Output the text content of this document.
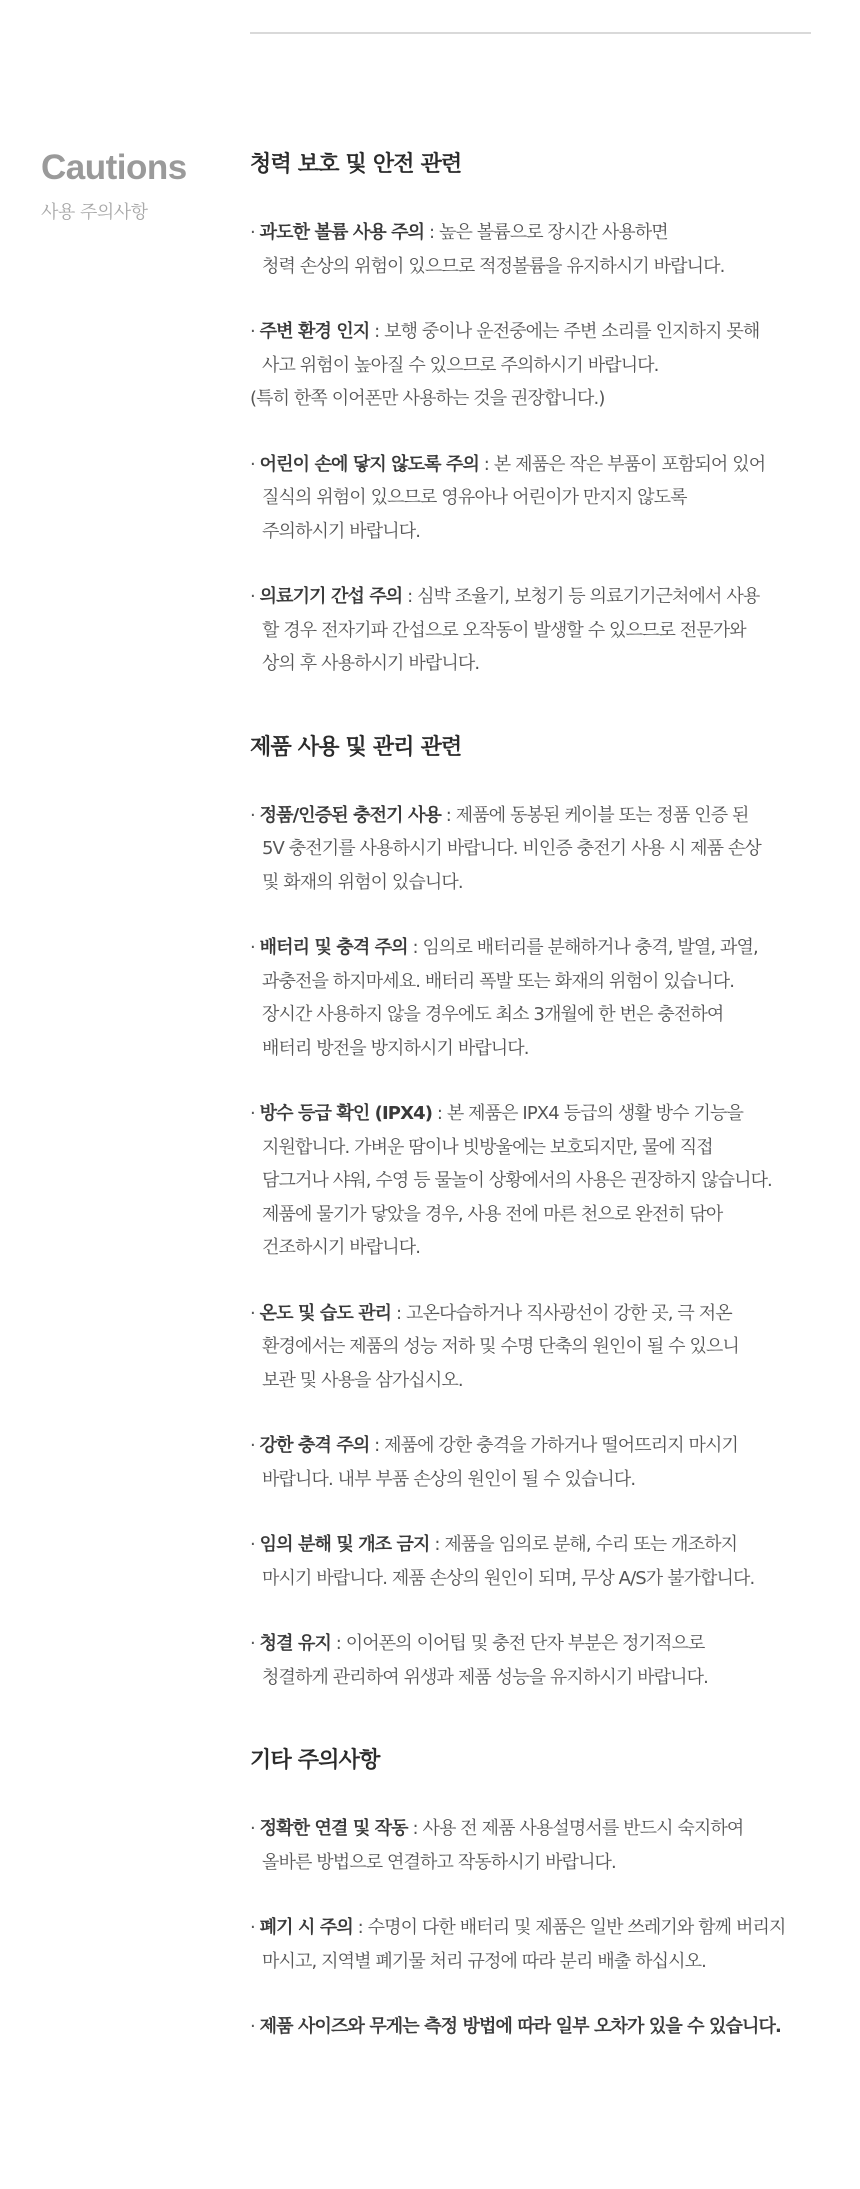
Cautions
사용 주의사항
청력 보호 및 안전 관련

· 과도한 볼륨 사용 주의 : 높은 볼륨으로 장시간 사용하면
청력 손상의 위험이 있으므로 적정볼륨을 유지하시기 바랍니다.

· 주변 환경 인지 : 보행 중이나 운전중에는 주변 소리를 인지하지 못해
사고 위험이 높아질 수 있으므로 주의하시기 바랍니다.
(특히 한쪽 이어폰만 사용하는 것을 권장합니다.)

· 어린이 손에 닿지 않도록 주의 : 본 제품은 작은 부품이 포함되어 있어
질식의 위험이 있으므로 영유아나 어린이가 만지지 않도록
주의하시기 바랍니다.

· 의료기기 간섭 주의 : 심박 조율기, 보청기 등 의료기기근처에서 사용
할 경우 전자기파 간섭으로 오작동이 발생할 수 있으므로 전문가와
상의 후 사용하시기 바랍니다.

제품 사용 및 관리 관련

· 정품/인증된 충전기 사용 : 제품에 동봉된 케이블 또는 정품 인증 된
5V 충전기를 사용하시기 바랍니다. 비인증 충전기 사용 시 제품 손상
및 화재의 위험이 있습니다.

· 배터리 및 충격 주의 : 임의로 배터리를 분해하거나 충격, 발열, 과열,
과충전을 하지마세요. 배터리 폭발 또는 화재의 위험이 있습니다.
장시간 사용하지 않을 경우에도 최소 3개월에 한 번은 충전하여
배터리 방전을 방지하시기 바랍니다.

· 방수 등급 확인 (IPX4) : 본 제품은 IPX4 등급의 생활 방수 기능을
지원합니다. 가벼운 땀이나 빗방울에는 보호되지만, 물에 직접
담그거나 샤워, 수영 등 물놀이 상황에서의 사용은 권장하지 않습니다.
제품에 물기가 닿았을 경우, 사용 전에 마른 천으로 완전히 닦아
건조하시기 바랍니다.

· 온도 및 습도 관리 : 고온다습하거나 직사광선이 강한 곳, 극 저온
환경에서는 제품의 성능 저하 및 수명 단축의 원인이 될 수 있으니
보관 및 사용을 삼가십시오.

· 강한 충격 주의 : 제품에 강한 충격을 가하거나 떨어뜨리지 마시기
바랍니다. 내부 부품 손상의 원인이 될 수 있습니다.

· 임의 분해 및 개조 금지 : 제품을 임의로 분해, 수리 또는 개조하지
마시기 바랍니다. 제품 손상의 원인이 되며, 무상 A/S가 불가합니다.

· 청결 유지 : 이어폰의 이어팁 및 충전 단자 부분은 정기적으로
청결하게 관리하여 위생과 제품 성능을 유지하시기 바랍니다.

기타 주의사항

· 정확한 연결 및 작동 : 사용 전 제품 사용설명서를 반드시 숙지하여
올바른 방법으로 연결하고 작동하시기 바랍니다.

· 폐기 시 주의 : 수명이 다한 배터리 및 제품은 일반 쓰레기와 함께 버리지
마시고, 지역별 폐기물 처리 규정에 따라 분리 배출 하십시오.

· 제품 사이즈와 무게는 측정 방법에 따라 일부 오차가 있을 수 있습니다.
